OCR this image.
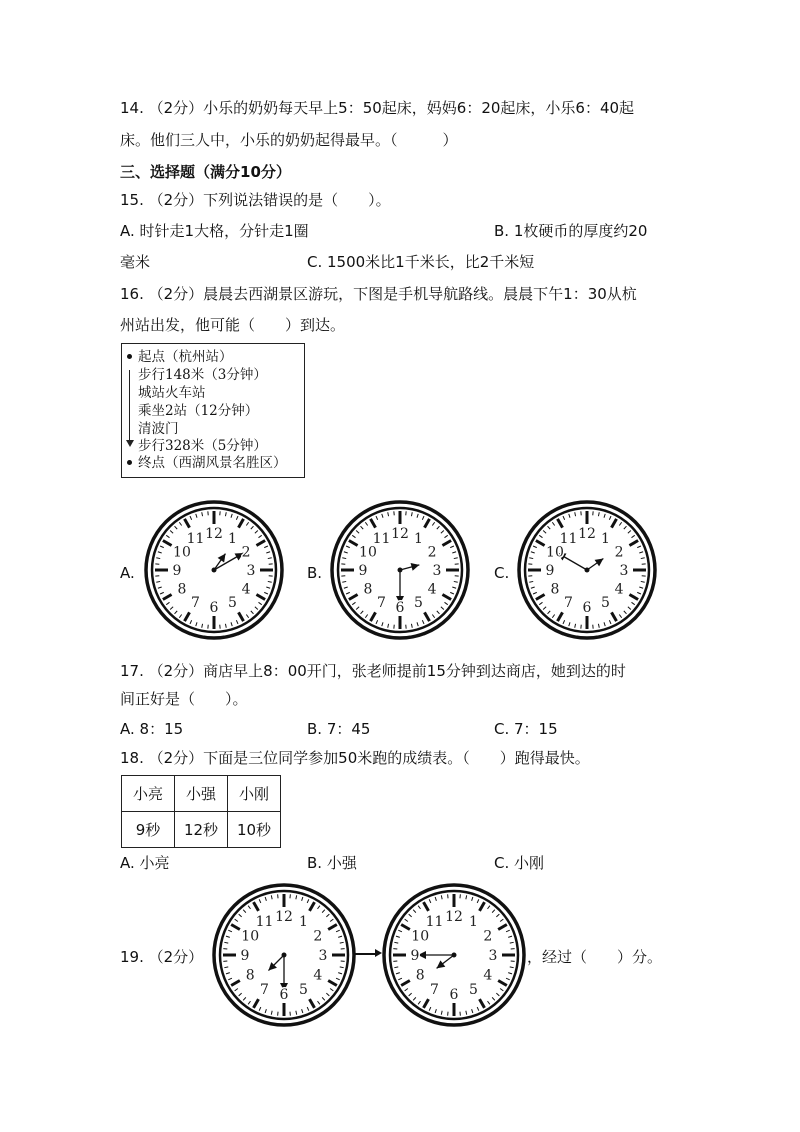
14. （2分）小乐的奶奶每天早上5：50起床，妈妈6：20起床，小乐6：40起
床。他们三人中，小乐的奶奶起得最早。（　　　）
三、选择题（满分10分）
15. （2分）下列说法错误的是（　　）。
A. 时针走1大格，分针走1圈	B. 1枚硬币的厚度约20
毫米	C. 1500米比1千米长，比2千米短
16. （2分）晨晨去西湖景区游玩，下图是手机导航路线。晨晨下午1：30从杭
州站出发，他可能（　　）到达。
起点（杭州站）
步行148米（3分钟）
城站火车站
乘坐2站（12分钟）
清波门
步行328米（5分钟）
终点（西湖风景名胜区）
A.	B.	C.
1
2
3
4
5
6
7
8
9
10
11 12	1
2
3
4
5
6
7
8
9
10
11 12	1
2
3
4
5
6
7
8
9
10
11 12
17. （2分）商店早上8：00开门，张老师提前15分钟到达商店，她到达的时
间正好是（　　）。
A. 8：15	B. 7：45	C. 7：15
18. （2分）下面是三位同学参加50米跑的成绩表。（　　）跑得最快。
小亮	小强	小刚
9秒	12秒	10秒
A. 小亮	B. 小强	C. 小刚
19. （2分）
1
2
3
4
5
6
7
8
9
10
11 12	1
2
3
4
5
6
7
8
9
10
11 12
，经过（　　）分。
